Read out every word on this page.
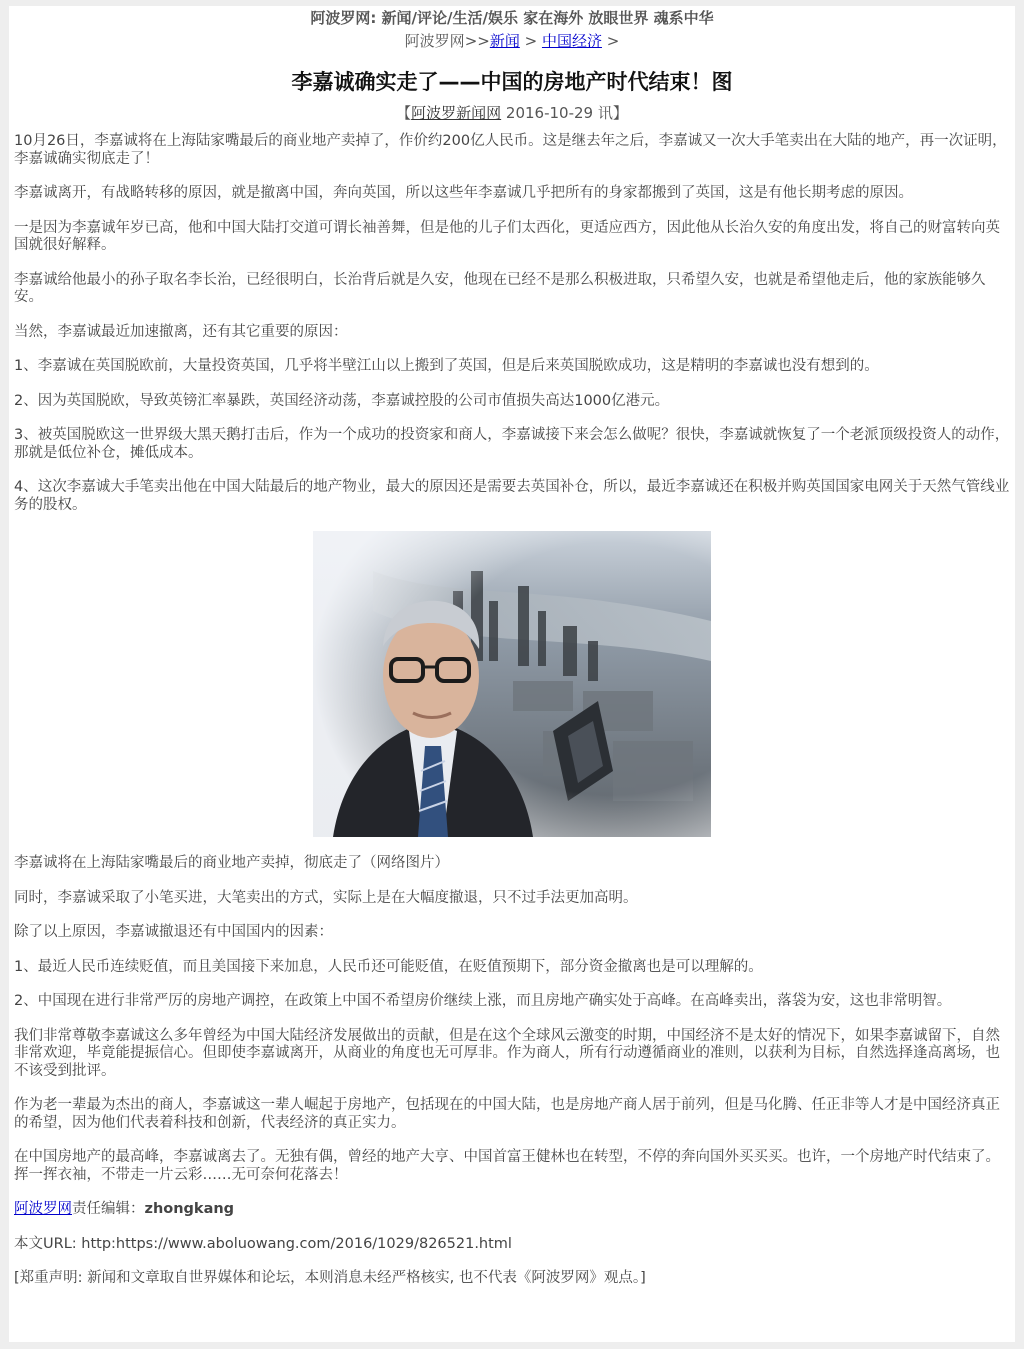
阿波罗网: 新闻/评论/生活/娱乐 家在海外 放眼世界 魂系中华
阿波罗网>>新闻 > 中国经济 >
李嘉诚确实走了——中国的房地产时代结束！图
【阿波罗新闻网 2016-10-29 讯】

10月26日，李嘉诚将在上海陆家嘴最后的商业地产卖掉了，作价约200亿人民币。这是继去年之后，李嘉诚又一次大手笔卖出在大陆的地产，再一次证明，李嘉诚确实彻底走了！

李嘉诚离开，有战略转移的原因，就是撤离中国，奔向英国，所以这些年李嘉诚几乎把所有的身家都搬到了英国，这是有他长期考虑的原因。

一是因为李嘉诚年岁已高，他和中国大陆打交道可谓长袖善舞，但是他的儿子们太西化，更适应西方，因此他从长治久安的角度出发，将自己的财富转向英国就很好解释。

李嘉诚给他最小的孙子取名李长治，已经很明白，长治背后就是久安，他现在已经不是那么积极进取，只希望久安，也就是希望他走后，他的家族能够久安。

当然，李嘉诚最近加速撤离，还有其它重要的原因：

1、李嘉诚在英国脱欧前，大量投资英国，几乎将半壁江山以上搬到了英国，但是后来英国脱欧成功，这是精明的李嘉诚也没有想到的。

2、因为英国脱欧，导致英镑汇率暴跌，英国经济动荡，李嘉诚控股的公司市值损失高达1000亿港元。

3、被英国脱欧这一世界级大黑天鹅打击后，作为一个成功的投资家和商人，李嘉诚接下来会怎么做呢？很快，李嘉诚就恢复了一个老派顶级投资人的动作，那就是低位补仓，摊低成本。

4、这次李嘉诚大手笔卖出他在中国大陆最后的地产物业，最大的原因还是需要去英国补仓，所以，最近李嘉诚还在积极并购英国国家电网关于天然气管线业务的股权。

李嘉诚将在上海陆家嘴最后的商业地产卖掉，彻底走了（网络图片）

同时，李嘉诚采取了小笔买进，大笔卖出的方式，实际上是在大幅度撤退，只不过手法更加高明。

除了以上原因，李嘉诚撤退还有中国国内的因素：

1、最近人民币连续贬值，而且美国接下来加息，人民币还可能贬值，在贬值预期下，部分资金撤离也是可以理解的。

2、中国现在进行非常严厉的房地产调控，在政策上中国不希望房价继续上涨，而且房地产确实处于高峰。在高峰卖出，落袋为安，这也非常明智。

我们非常尊敬李嘉诚这么多年曾经为中国大陆经济发展做出的贡献，但是在这个全球风云激变的时期，中国经济不是太好的情况下，如果李嘉诚留下，自然非常欢迎，毕竟能提振信心。但即使李嘉诚离开，从商业的角度也无可厚非。作为商人，所有行动遵循商业的准则，以获利为目标，自然选择逢高离场，也不该受到批评。

作为老一辈最为杰出的商人，李嘉诚这一辈人崛起于房地产，包括现在的中国大陆，也是房地产商人居于前列，但是马化腾、任正非等人才是中国经济真正的希望，因为他们代表着科技和创新，代表经济的真正实力。

在中国房地产的最高峰，李嘉诚离去了。无独有偶，曾经的地产大亨、中国首富王健林也在转型，不停的奔向国外买买买。也许，一个房地产时代结束了。挥一挥衣袖，不带走一片云彩……无可奈何花落去！

阿波罗网责任编辑：zhongkang

本文URL: http:https://www.aboluowang.com/2016/1029/826521.html

[郑重声明: 新闻和文章取自世界媒体和论坛，本则消息未经严格核实, 也不代表《阿波罗网》观点。]
